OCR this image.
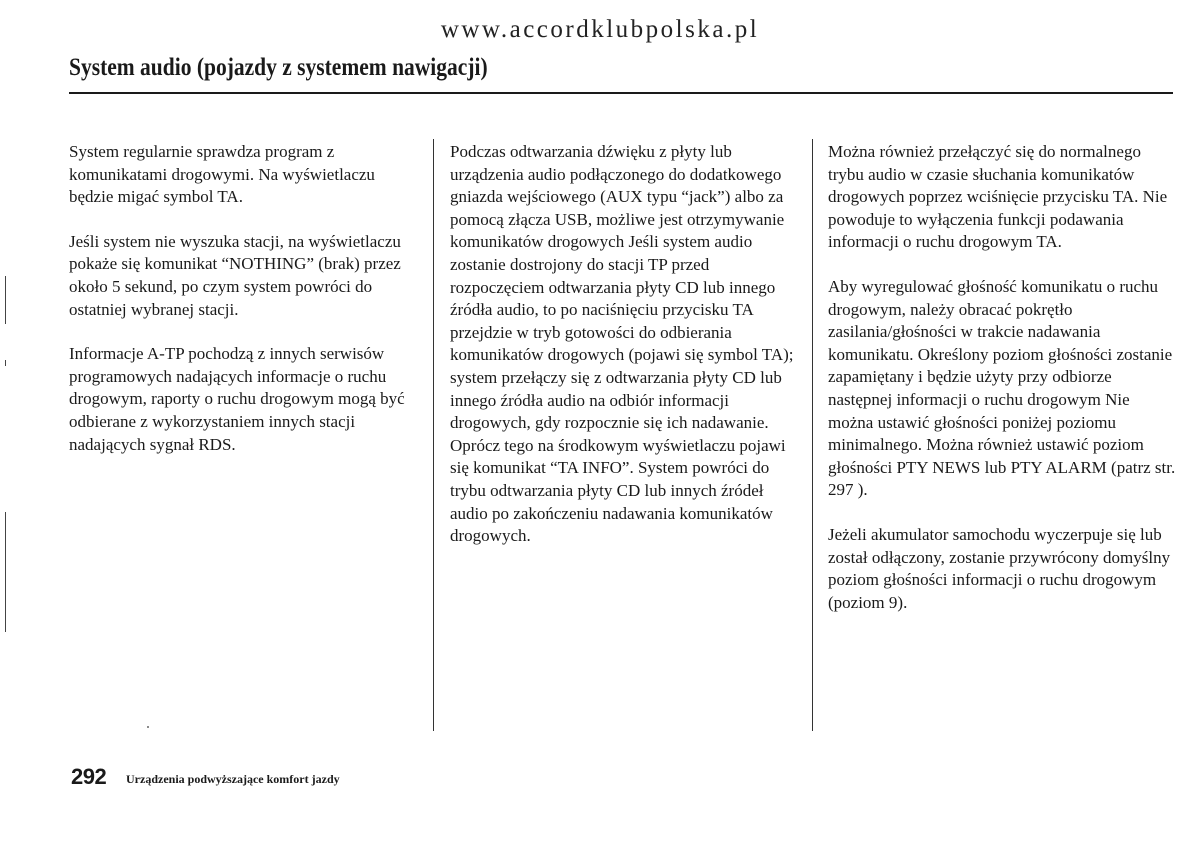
www.accordklubpolska.pl
System audio (pojazdy z systemem nawigacji)

System regularnie sprawdza program z komunikatami drogowymi. Na wyświetlaczu będzie migać symbol TA.

Jeśli system nie wyszuka stacji, na wyświetlaczu pokaże się komunikat “NOTHING” (brak) przez około 5 sekund, po czym system powróci do ostatniej wybranej stacji.

Informacje A-TP pochodzą z innych serwisów programowych nadających informacje o ruchu drogowym, raporty o ruchu drogowym mogą być odbierane z wykorzystaniem innych stacji nadających sygnał RDS.

Podczas odtwarzania dźwięku z płyty lub urządzenia audio podłączonego do dodatkowego gniazda wejściowego (AUX typu “jack”) albo za pomocą złącza USB, możliwe jest otrzymywanie komunikatów drogowych Jeśli system audio zostanie dostrojony do stacji TP przed rozpoczęciem odtwarzania płyty CD lub innego źródła audio, to po naciśnięciu przycisku TA przejdzie w tryb gotowości do odbierania komunikatów drogowych (pojawi się symbol TA); system przełączy się z odtwarzania płyty CD lub innego źródła audio na odbiór informacji drogowych, gdy rozpocznie się ich nadawanie. Oprócz tego na środkowym wyświetlaczu pojawi się komunikat “TA INFO”. System powróci do trybu odtwarzania płyty CD lub innych źródeł audio po zakończeniu nadawania komunikatów drogowych.

Można również przełączyć się do normalnego trybu audio w czasie słuchania komunikatów drogowych poprzez wciśnięcie przycisku TA. Nie powoduje to wyłączenia funkcji podawania informacji o ruchu drogowym TA.

Aby wyregulować głośność komunikatu o ruchu drogowym, należy obracać pokrętło zasilania/głośności w trakcie nadawania komunikatu. Określony poziom głośności zostanie zapamiętany i będzie użyty przy odbiorze następnej informacji o ruchu drogowym Nie można ustawić głośności poniżej poziomu minimalnego. Można również ustawić poziom głośności PTY NEWS lub PTY ALARM (patrz str. 297 ).

Jeżeli akumulator samochodu wyczerpuje się lub został odłączony, zostanie przywrócony domyślny poziom głośności informacji o ruchu drogowym (poziom 9).

292 Urządzenia podwyższające komfort jazdy
